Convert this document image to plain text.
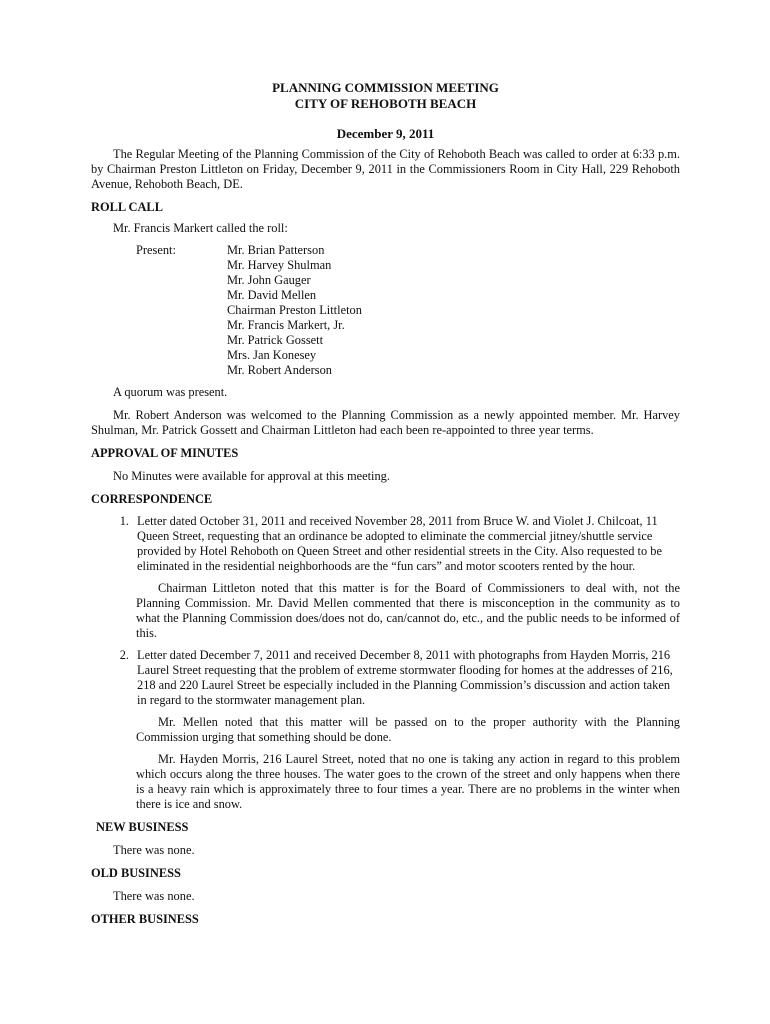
PLANNING COMMISSION MEETING
CITY OF REHOBOTH BEACH
December 9, 2011

The Regular Meeting of the Planning Commission of the City of Rehoboth Beach was called to order at 6:33 p.m. by Chairman Preston Littleton on Friday, December 9, 2011 in the Commissioners Room in City Hall, 229 Rehoboth Avenue, Rehoboth Beach, DE.

ROLL CALL
Mr. Francis Markert called the roll:
Present:	Mr. Brian Patterson
Mr. Harvey Shulman
Mr. John Gauger
Mr. David Mellen
Chairman Preston Littleton
Mr. Francis Markert, Jr.
Mr. Patrick Gossett
Mrs. Jan Konesey
Mr. Robert Anderson
A quorum was present.

Mr. Robert Anderson was welcomed to the Planning Commission as a newly appointed member. Mr. Harvey Shulman, Mr. Patrick Gossett and Chairman Littleton had each been re-appointed to three year terms.

APPROVAL OF MINUTES
No Minutes were available for approval at this meeting.
CORRESPONDENCE
1. Letter dated October 31, 2011 and received November 28, 2011 from Bruce W. and Violet J. Chilcoat, 11 Queen Street, requesting that an ordinance be adopted to eliminate the commercial jitney/shuttle service provided by Hotel Rehoboth on Queen Street and other residential streets in the City. Also requested to be eliminated in the residential neighborhoods are the “fun cars” and motor scooters rented by the hour.
Chairman Littleton noted that this matter is for the Board of Commissioners to deal with, not the Planning Commission. Mr. David Mellen commented that there is misconception in the community as to what the Planning Commission does/does not do, can/cannot do, etc., and the public needs to be informed of this.
2. Letter dated December 7, 2011 and received December 8, 2011 with photographs from Hayden Morris, 216 Laurel Street requesting that the problem of extreme stormwater flooding for homes at the addresses of 216, 218 and 220 Laurel Street be especially included in the Planning Commission’s discussion and action taken in regard to the stormwater management plan.
Mr. Mellen noted that this matter will be passed on to the proper authority with the Planning Commission urging that something should be done.
Mr. Hayden Morris, 216 Laurel Street, noted that no one is taking any action in regard to this problem which occurs along the three houses. The water goes to the crown of the street and only happens when there is a heavy rain which is approximately three to four times a year. There are no problems in the winter when there is ice and snow.
NEW BUSINESS
There was none.
OLD BUSINESS
There was none.
OTHER BUSINESS
